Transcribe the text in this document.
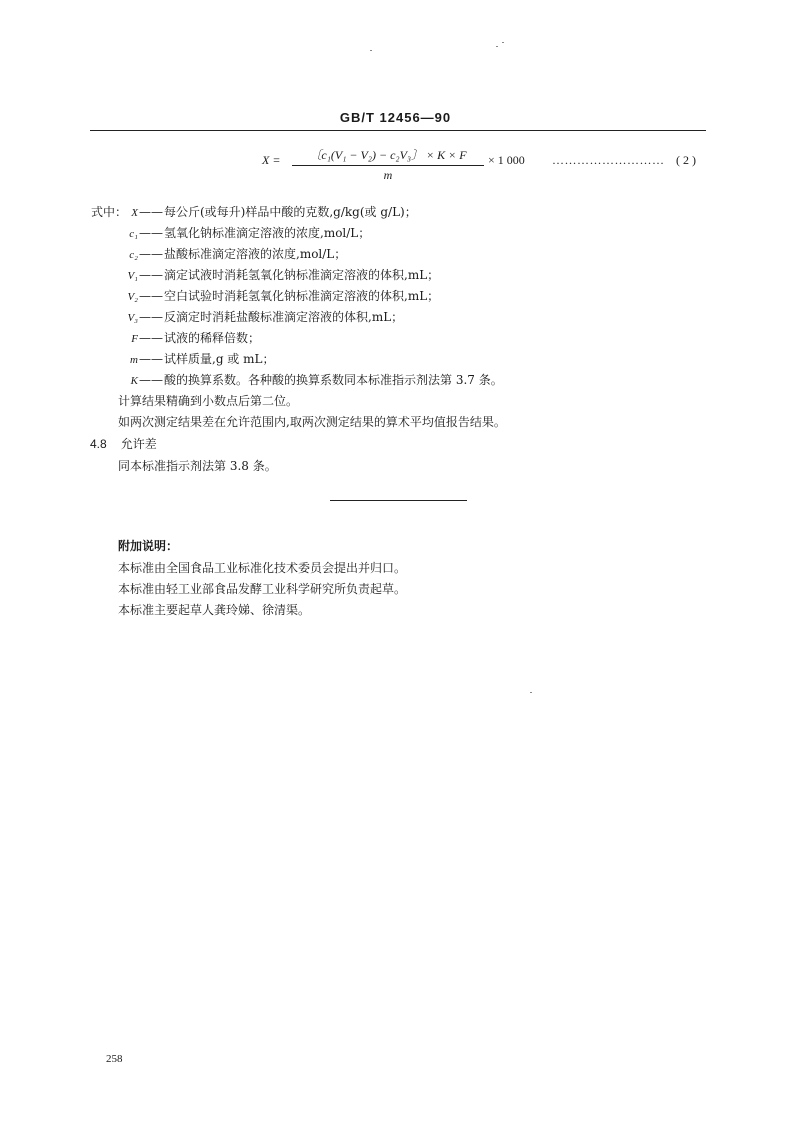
GB/T 12456—90
$X = \frac{\text{〔c₁(V₁ − V₂) − c₂V₃〕 × K × F}}{m} \times 1$ 000 ……………………… ( 2 )
式中： X——每公斤(或每升)样品中酸的克数,g/kg(或 g/L)；
c₁——氢氧化钠标准滴定溶液的浓度,mol/L；
c₂——盐酸标准滴定溶液的浓度,mol/L；
V₁——滴定试液时消耗氢氧化钠标准滴定溶液的体积,mL；
V₂——空白试验时消耗氢氧化钠标准滴定溶液的体积,mL；
V₃——反滴定时消耗盐酸标准滴定溶液的体积,mL；
F——试液的稀释倍数；
m——试样质量,g 或 mL；
K——酸的换算系数。各种酸的换算系数同本标准指示剂法第 3.7 条。
计算结果精确到小数点后第二位。
如两次测定结果差在允许范围内,取两次测定结果的算术平均值报告结果。
4.8 允许差
同本标准指示剂法第 3.8 条。
附加说明：
本标准由全国食品工业标准化技术委员会提出并归口。
本标准由轻工业部食品发酵工业科学研究所负责起草。
本标准主要起草人龚玲娣、徐清渠。
258
